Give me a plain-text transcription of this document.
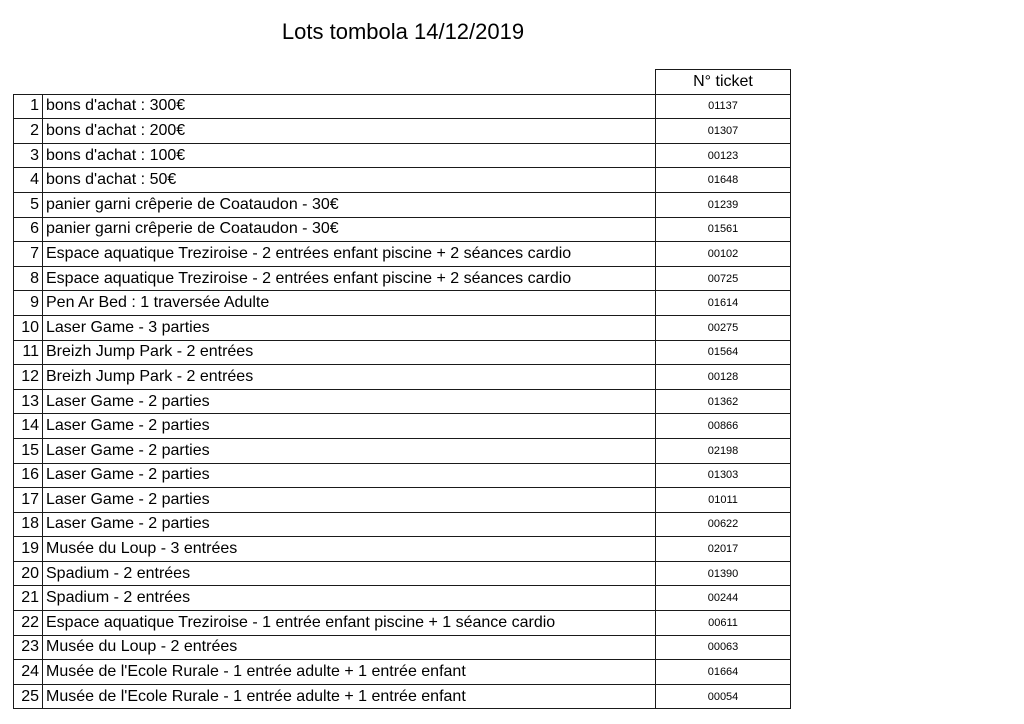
Lots tombola 14/12/2019
		N° ticket
1	bons d'achat : 300€	01137
2	bons d'achat : 200€	01307
3	bons d'achat : 100€	00123
4	bons d'achat : 50€	01648
5	panier garni crêperie de Coataudon - 30€	01239
6	panier garni crêperie de Coataudon - 30€	01561
7	Espace aquatique Treziroise - 2 entrées enfant piscine + 2 séances cardio	00102
8	Espace aquatique Treziroise - 2 entrées enfant piscine + 2 séances cardio	00725
9	Pen Ar Bed : 1 traversée Adulte	01614
10	Laser Game - 3 parties	00275
11	Breizh Jump Park - 2 entrées	01564
12	Breizh Jump Park - 2 entrées	00128
13	Laser Game - 2 parties	01362
14	Laser Game - 2 parties	00866
15	Laser Game - 2 parties	02198
16	Laser Game - 2 parties	01303
17	Laser Game - 2 parties	01011
18	Laser Game - 2 parties	00622
19	Musée du Loup - 3 entrées	02017
20	Spadium - 2 entrées	01390
21	Spadium - 2 entrées	00244
22	Espace aquatique Treziroise - 1 entrée enfant piscine + 1 séance cardio	00611
23	Musée du Loup - 2 entrées	00063
24	Musée de l'Ecole Rurale - 1 entrée adulte + 1 entrée enfant	01664
25	Musée de l'Ecole Rurale - 1 entrée adulte + 1 entrée enfant	00054
